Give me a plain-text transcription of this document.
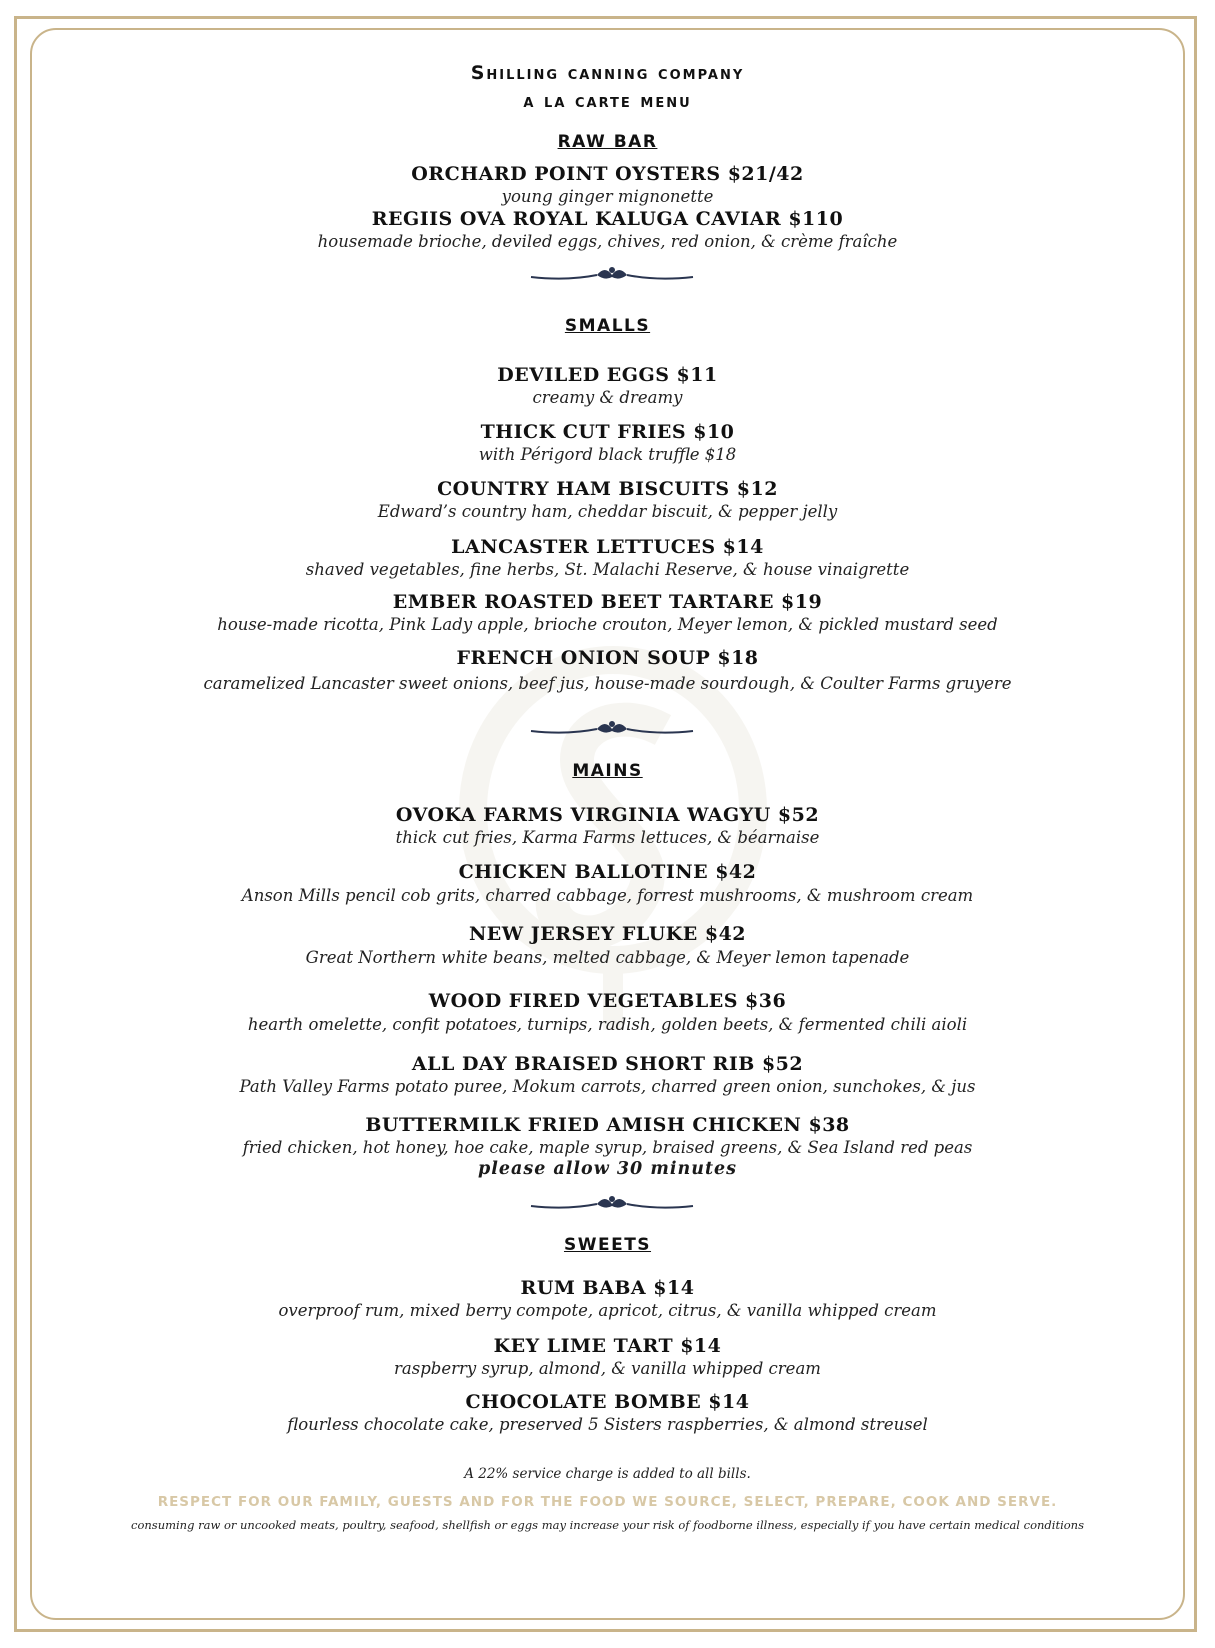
Shilling canning company
a la carte menu
RAW BAR
ORCHARD POINT OYSTERS $21/42
young ginger mignonette
REGIIS OVA ROYAL KALUGA CAVIAR $110
housemade brioche, deviled eggs, chives, red onion, & crème fraîche
SMALLS
DEVILED EGGS $11
creamy & dreamy
THICK CUT FRIES $10
with Périgord black truffle $18
COUNTRY HAM BISCUITS $12
Edward’s country ham, cheddar biscuit, & pepper jelly
LANCASTER LETTUCES $14
shaved vegetables, fine herbs, St. Malachi Reserve, & house vinaigrette
EMBER ROASTED BEET TARTARE $19
house-made ricotta, Pink Lady apple, brioche crouton, Meyer lemon, & pickled mustard seed
FRENCH ONION SOUP $18
caramelized Lancaster sweet onions, beef jus, house-made sourdough, & Coulter Farms gruyere
MAINS
OVOKA FARMS VIRGINIA WAGYU $52
thick cut fries, Karma Farms lettuces, & béarnaise
CHICKEN BALLOTINE $42
Anson Mills pencil cob grits, charred cabbage, forrest mushrooms, & mushroom cream
NEW JERSEY FLUKE $42
Great Northern white beans, melted cabbage, & Meyer lemon tapenade
WOOD FIRED VEGETABLES $36
hearth omelette, confit potatoes, turnips, radish, golden beets, & fermented chili aioli
ALL DAY BRAISED SHORT RIB $52
Path Valley Farms potato puree, Mokum carrots, charred green onion, sunchokes, & jus
BUTTERMILK FRIED AMISH CHICKEN $38
fried chicken, hot honey, hoe cake, maple syrup, braised greens, & Sea Island red peas
please allow 30 minutes
SWEETS
RUM BABA $14
overproof rum, mixed berry compote, apricot, citrus, & vanilla whipped cream
KEY LIME TART $14
raspberry syrup, almond, & vanilla whipped cream
CHOCOLATE BOMBE $14
flourless chocolate cake, preserved 5 Sisters raspberries, & almond streusel
A 22% service charge is added to all bills.
RESPECT FOR OUR FAMILY, GUESTS AND FOR THE FOOD WE SOURCE, SELECT, PREPARE, COOK AND SERVE.
consuming raw or uncooked meats, poultry, seafood, shellfish or eggs may increase your risk of foodborne illness, especially if you have certain medical conditions
